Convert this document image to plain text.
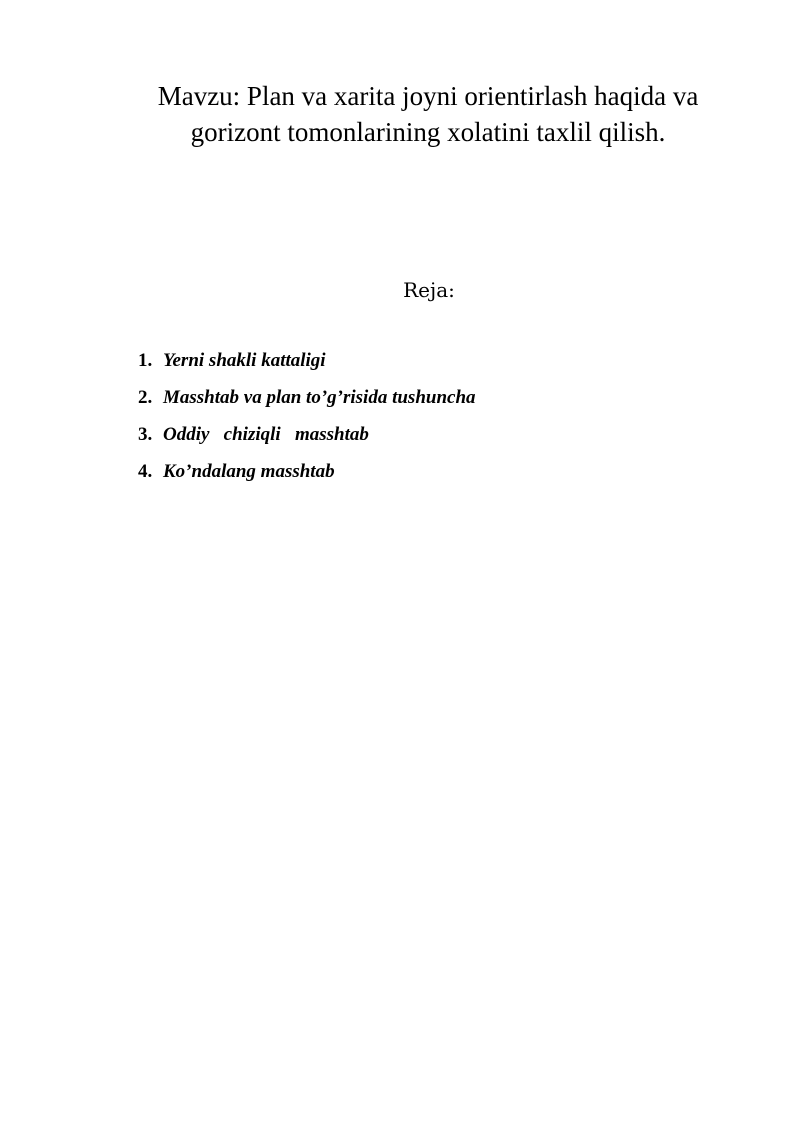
Mavzu: Plan va xarita joyni orientirlash haqida va
gorizont tomonlarining xolatini taxlil qilish.
Reja:
1. Yerni shakli kattaligi
2. Masshtab va plan to’g’risida tushuncha
3. Oddiy   chiziqli   masshtab
4. Ko’ndalang masshtab
